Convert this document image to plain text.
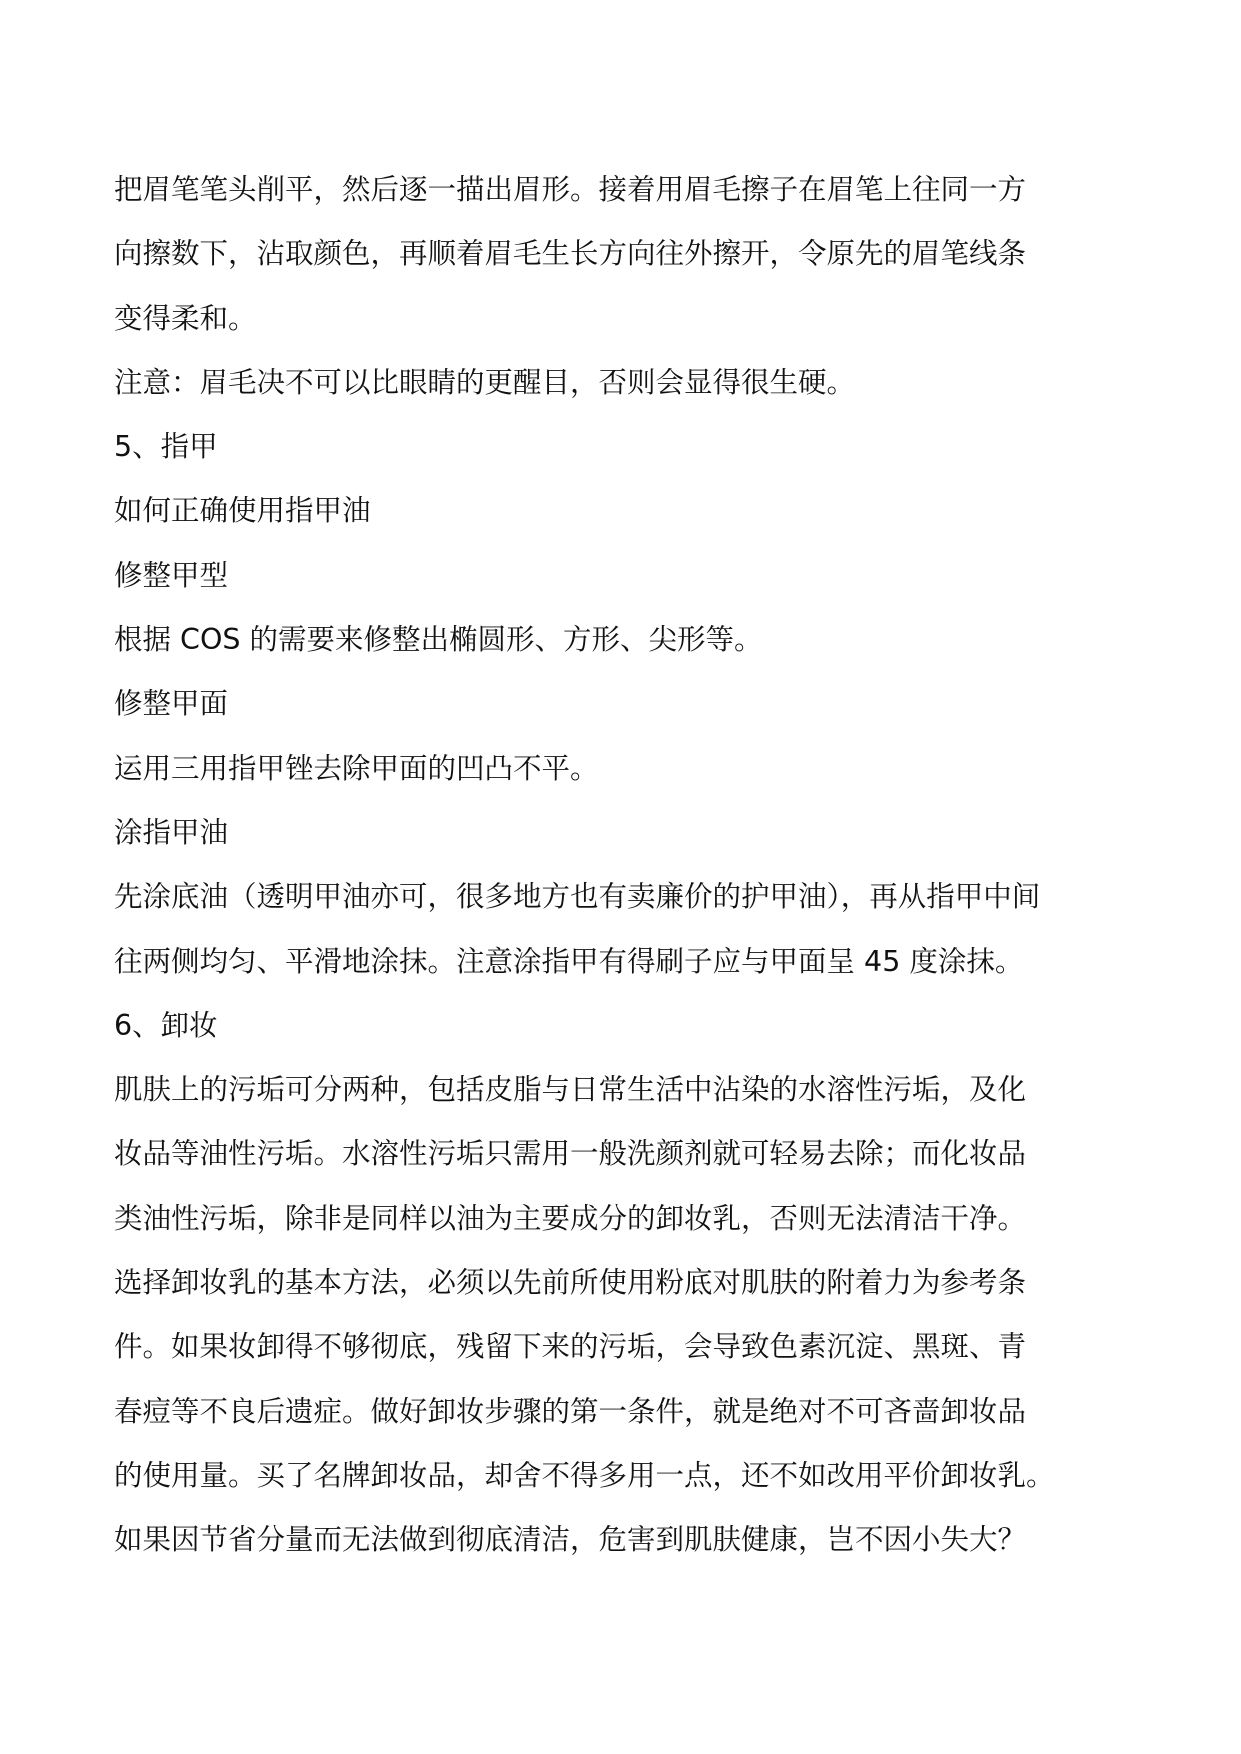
把眉笔笔头削平，然后逐一描出眉形。接着用眉毛擦子在眉笔上往同一方
向擦数下，沾取颜色，再顺着眉毛生长方向往外擦开，令原先的眉笔线条
变得柔和。
注意：眉毛决不可以比眼睛的更醒目，否则会显得很生硬。
5、指甲
如何正确使用指甲油
修整甲型
根据 COS 的需要来修整出椭圆形、方形、尖形等。
修整甲面
运用三用指甲锉去除甲面的凹凸不平。
涂指甲油
先涂底油（透明甲油亦可，很多地方也有卖廉价的护甲油），再从指甲中间
往两侧均匀、平滑地涂抹。注意涂指甲有得刷子应与甲面呈 45 度涂抹。
6、卸妆
肌肤上的污垢可分两种，包括皮脂与日常生活中沾染的水溶性污垢，及化
妆品等油性污垢。水溶性污垢只需用一般洗颜剂就可轻易去除；而化妆品
类油性污垢，除非是同样以油为主要成分的卸妆乳，否则无法清洁干净。
选择卸妆乳的基本方法，必须以先前所使用粉底对肌肤的附着力为参考条
件。如果妆卸得不够彻底，残留下来的污垢，会导致色素沉淀、黑斑、青
春痘等不良后遗症。做好卸妆步骤的第一条件，就是绝对不可吝啬卸妆品
的使用量。买了名牌卸妆品，却舍不得多用一点，还不如改用平价卸妆乳。
如果因节省分量而无法做到彻底清洁，危害到肌肤健康，岂不因小失大？
